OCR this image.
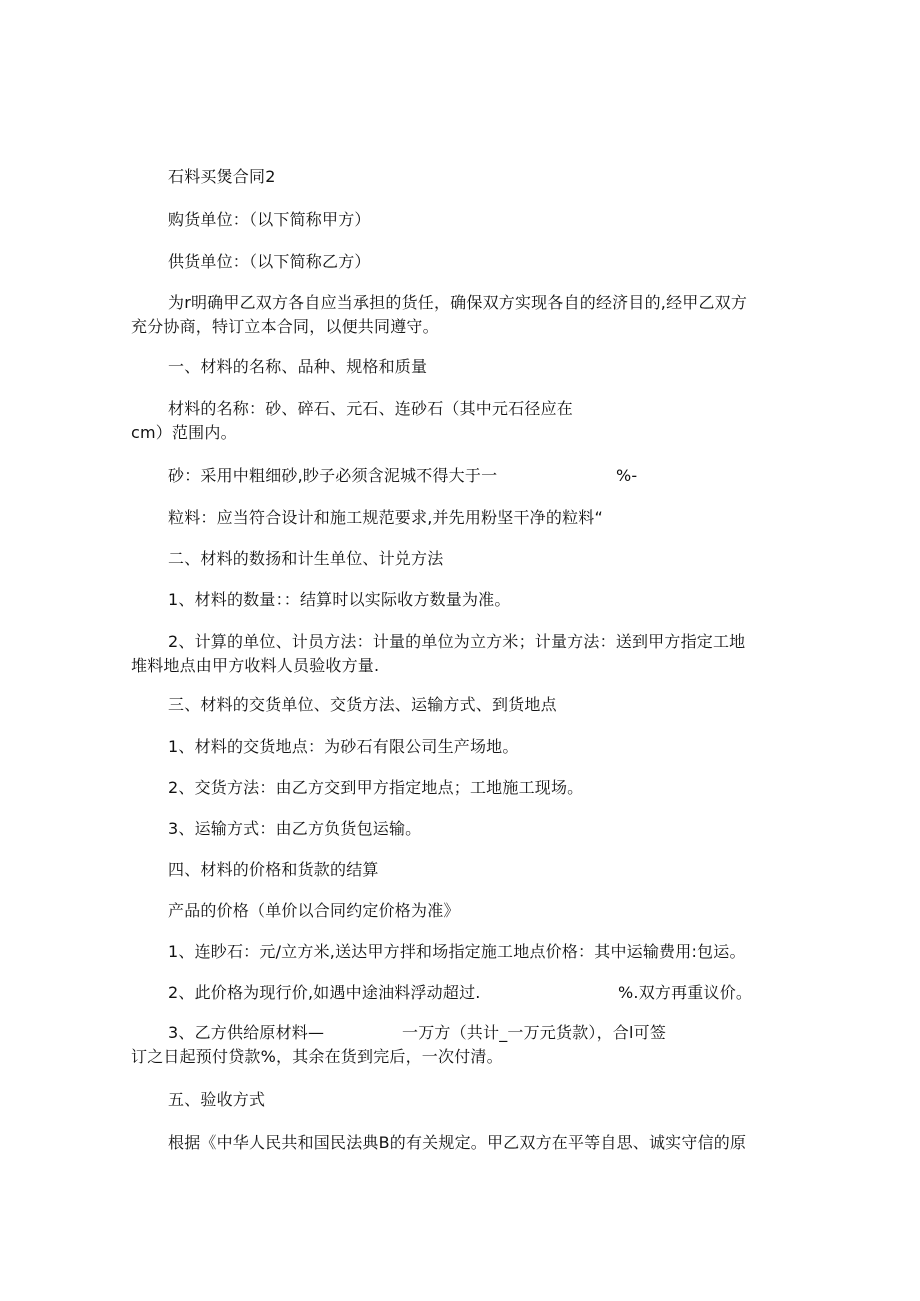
石料买煲合同2
购货单位：（以下简称甲方）
供货单位：（以下简称乙方）
为r明确甲乙双方各自应当承担的货任，确保双方实现各自的经济目的,经甲乙双方
充分协商，特订立本合同，以便共同遵守。
一、材料的名称、品种、规格和质量
材料的名称：砂、碎石、元石、连砂石（其中元石径应在
cm）范围内。
砂：采用中粗细砂,眇子必须含泥城不得大于一	%-
粒料：应当符合设计和施工规范要求,并先用粉坚干净的粒料“
二、材料的数扬和计生单位、计兑方法
1、材料的数量：：结算时以实际收方数量为准。
2、计算的单位、计员方法：计量的单位为立方米；计量方法：送到甲方指定工地
堆料地点由甲方收料人员验收方量.
三、材料的交货单位、交货方法、运输方式、到货地点
1、材料的交货地点：为砂石有限公司生产场地。
2、交货方法：由乙方交到甲方指定地点；工地施工现场。
3、运输方式：由乙方负货包运输。
四、材料的价格和货款的结算
产品的价格（单价以合同约定价格为准》
1、连眇石：元/立方米,送达甲方拌和场指定施工地点价格：其中运输费用:包运。
2、此价格为现行价,如遇中途油料浮动超过.	%.双方再重议价。
3、乙方供给原材料—	一万方（共计_一万元货款），合l可签
订之日起预付贷款%，其余在货到完后，一次付清。
五、验收方式
根据《中华人民共和国民法典B的有关规定。甲乙双方在平等自思、诚实守信的原
